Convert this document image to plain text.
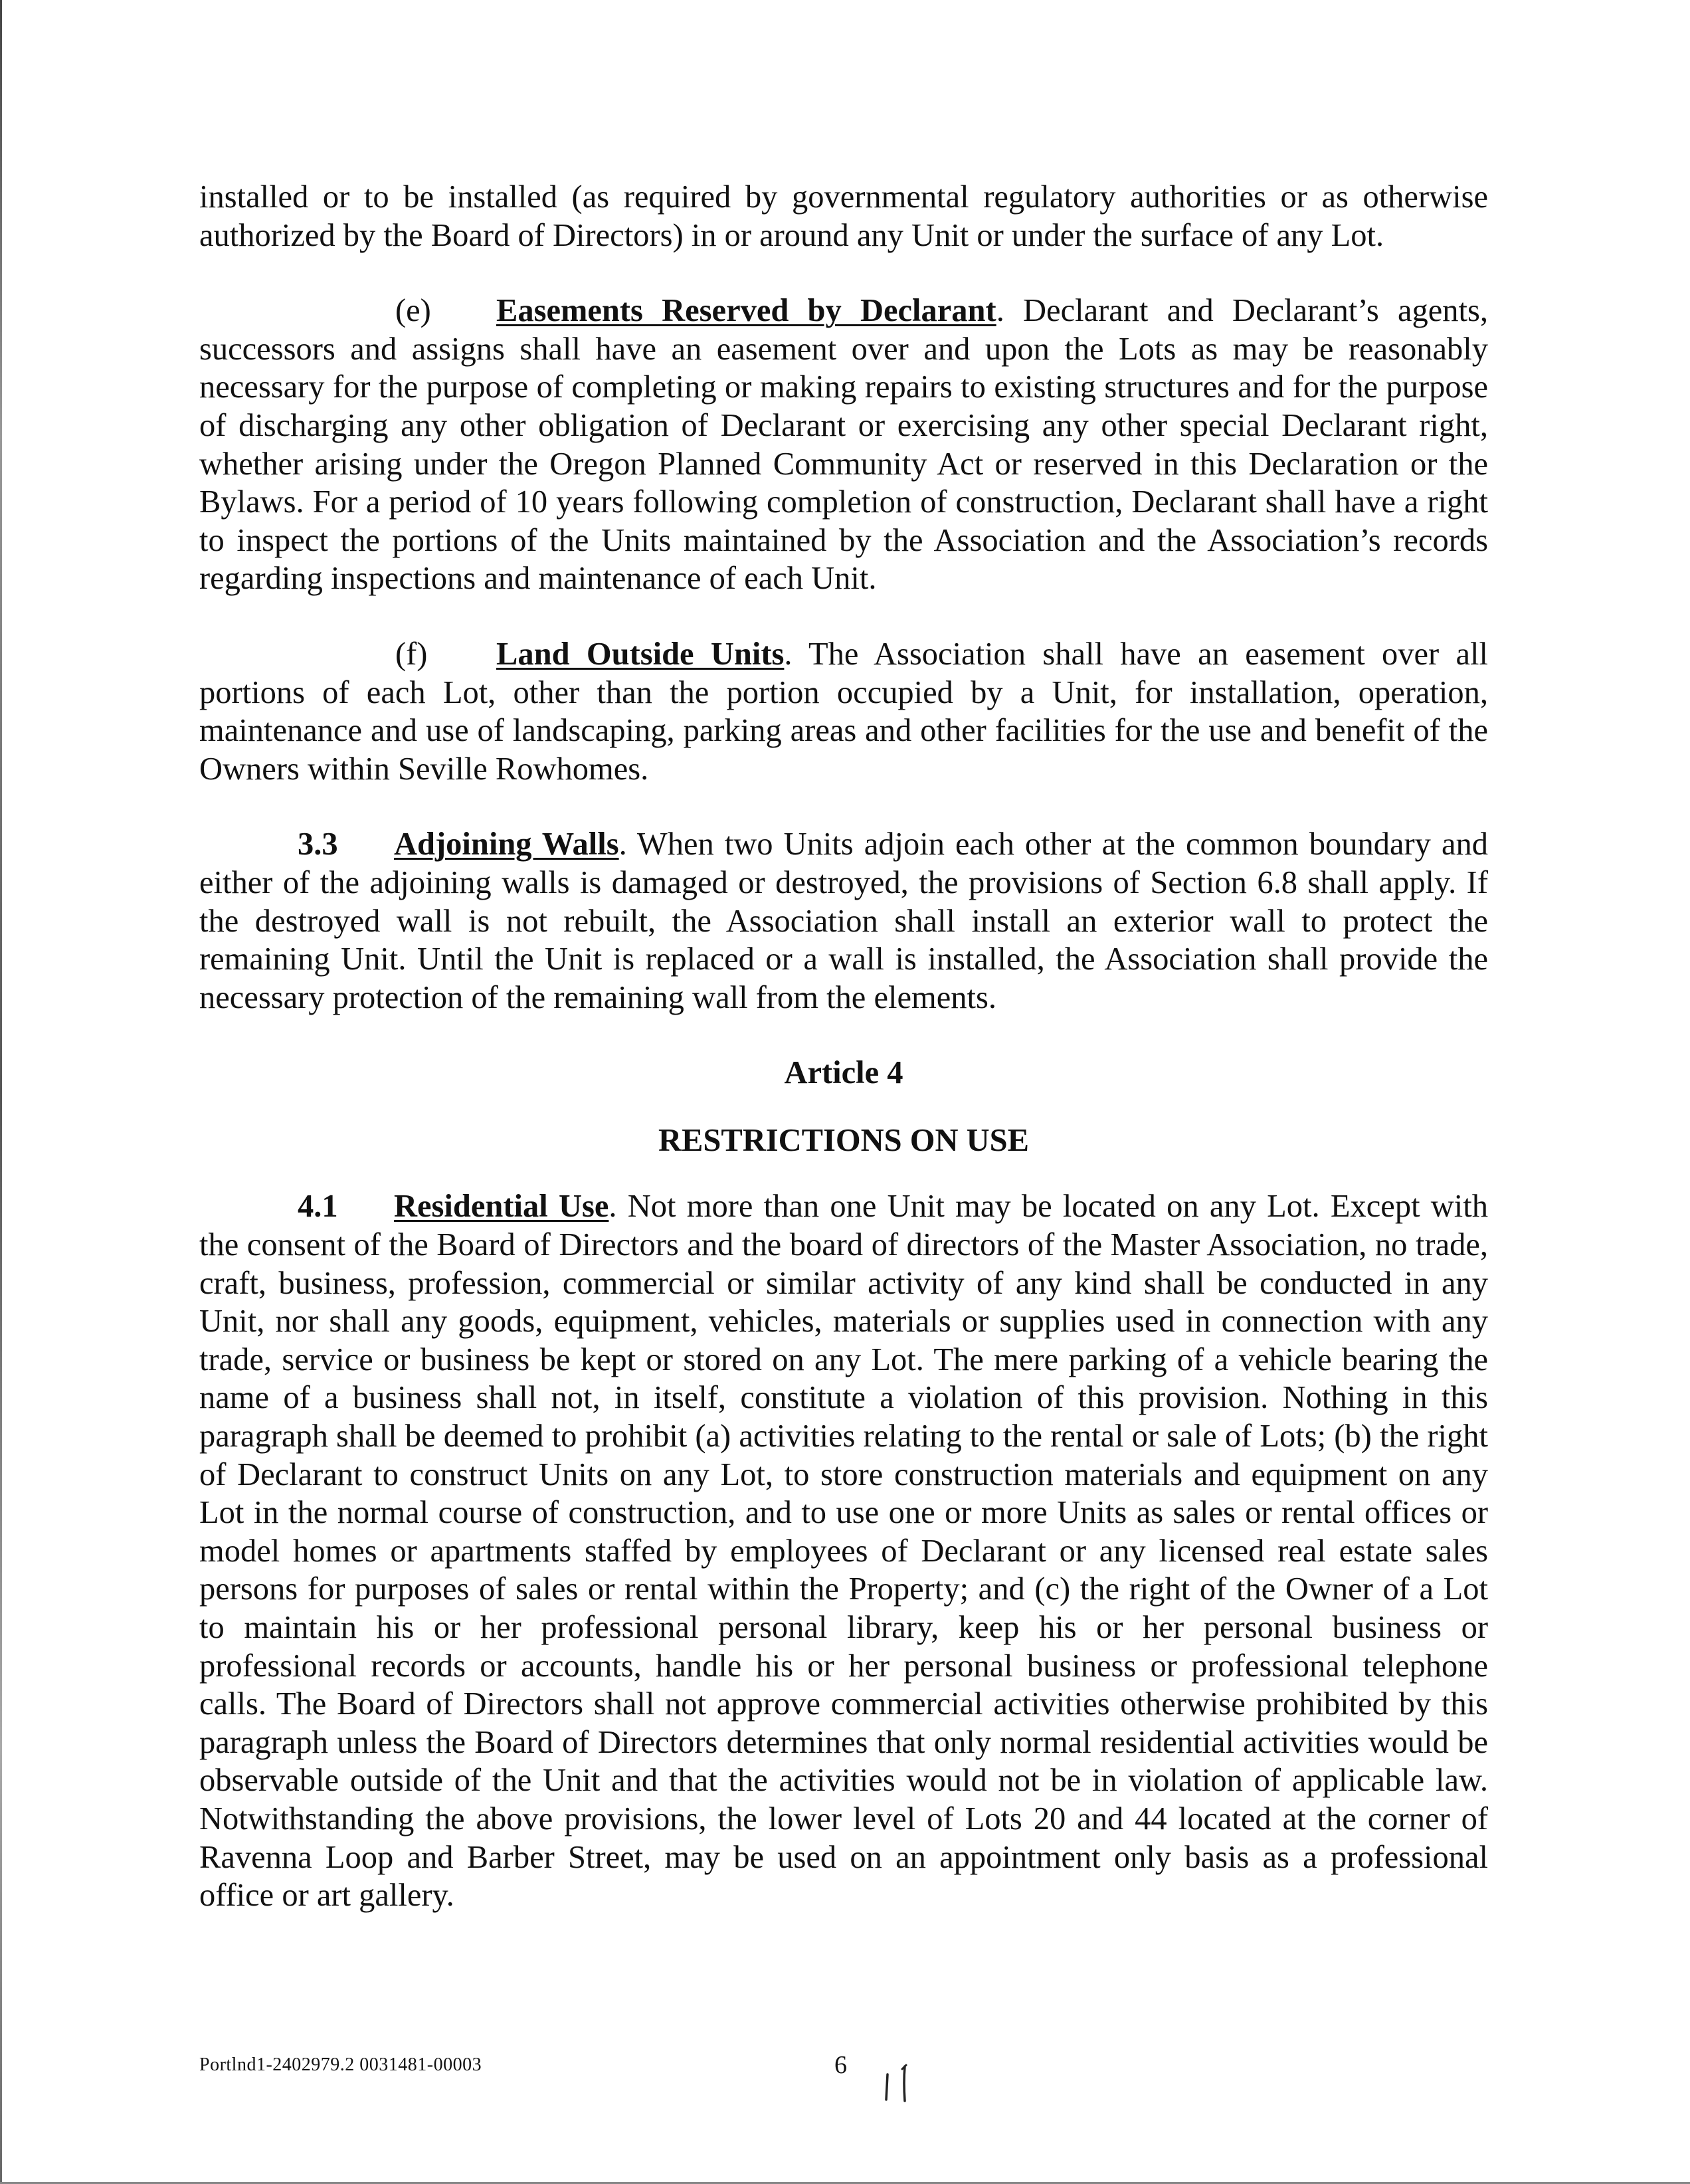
installed or to be installed (as required by governmental regulatory authorities or as otherwise authorized by the Board of Directors) in or around any Unit or under the surface of any Lot.

(e) Easements Reserved by Declarant. Declarant and Declarant’s agents, successors and assigns shall have an easement over and upon the Lots as may be reasonably necessary for the purpose of completing or making repairs to existing structures and for the purpose of discharging any other obligation of Declarant or exercising any other special Declarant right, whether arising under the Oregon Planned Community Act or reserved in this Declaration or the Bylaws. For a period of 10 years following completion of construction, Declarant shall have a right to inspect the portions of the Units maintained by the Association and the Association’s records regarding inspections and maintenance of each Unit.

(f) Land Outside Units. The Association shall have an easement over all portions of each Lot, other than the portion occupied by a Unit, for installation, operation, maintenance and use of landscaping, parking areas and other facilities for the use and benefit of the Owners within Seville Rowhomes.

3.3 Adjoining Walls. When two Units adjoin each other at the common boundary and either of the adjoining walls is damaged or destroyed, the provisions of Section 6.8 shall apply. If the destroyed wall is not rebuilt, the Association shall install an exterior wall to protect the remaining Unit. Until the Unit is replaced or a wall is installed, the Association shall provide the necessary protection of the remaining wall from the elements.

Article 4

RESTRICTIONS ON USE

4.1 Residential Use. Not more than one Unit may be located on any Lot. Except with the consent of the Board of Directors and the board of directors of the Master Association, no trade, craft, business, profession, commercial or similar activity of any kind shall be conducted in any Unit, nor shall any goods, equipment, vehicles, materials or supplies used in connection with any trade, service or business be kept or stored on any Lot. The mere parking of a vehicle bearing the name of a business shall not, in itself, constitute a violation of this provision. Nothing in this paragraph shall be deemed to prohibit (a) activities relating to the rental or sale of Lots; (b) the right of Declarant to construct Units on any Lot, to store construction materials and equipment on any Lot in the normal course of construction, and to use one or more Units as sales or rental offices or model homes or apartments staffed by employees of Declarant or any licensed real estate sales persons for purposes of sales or rental within the Property; and (c) the right of the Owner of a Lot to maintain his or her professional personal library, keep his or her personal business or professional records or accounts, handle his or her personal business or professional telephone calls. The Board of Directors shall not approve commercial activities otherwise prohibited by this paragraph unless the Board of Directors determines that only normal residential activities would be observable outside of the Unit and that the activities would not be in violation of applicable law. Notwithstanding the above provisions, the lower level of Lots 20 and 44 located at the corner of Ravenna Loop and Barber Street, may be used on an appointment only basis as a professional office or art gallery.

Portlnd1-2402979.2 0031481-00003	6
